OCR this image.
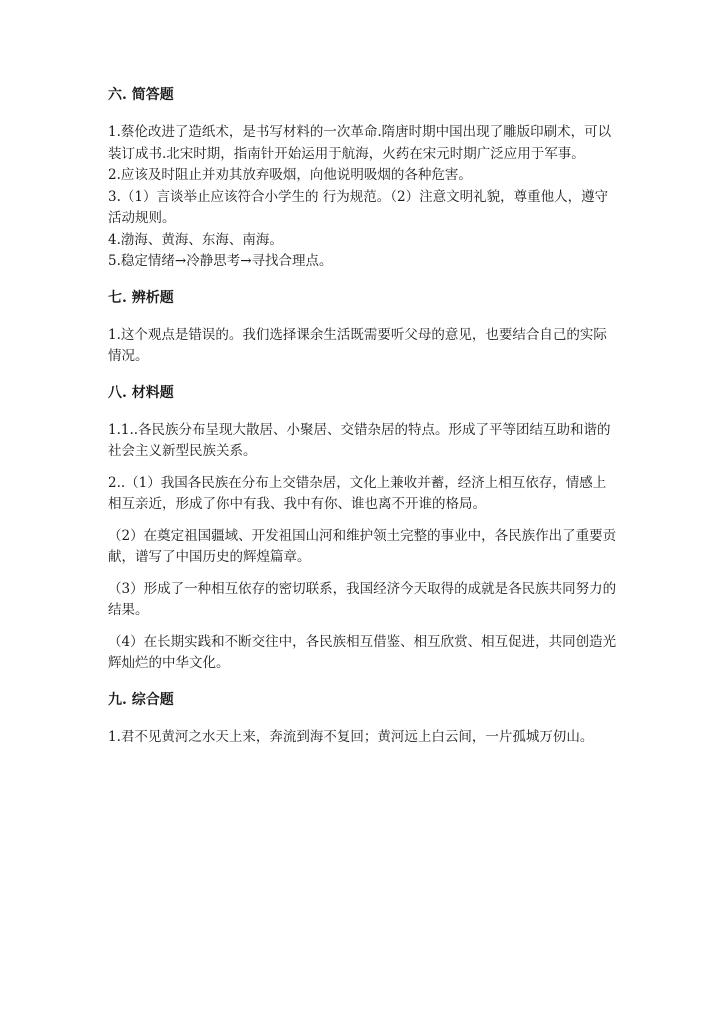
六. 简答题

1.蔡伦改进了造纸术，是书写材料的一次革命.隋唐时期中国出现了雕版印刷术，可以装订成书.北宋时期，指南针开始运用于航海，火药在宋元时期广泛应用于军事。

2.应该及时阻止并劝其放弃吸烟，向他说明吸烟的各种危害。

3.（1）言谈举止应该符合小学生的 行为规范。（2）注意文明礼貌，尊重他人，遵守活动规则。

4.渤海、黄海、东海、南海。

5.稳定情绪→冷静思考→寻找合理点。

七. 辨析题

1.这个观点是错误的。我们选择课余生活既需要听父母的意见，也要结合自己的实际情况。

八. 材料题

1.1..各民族分布呈现大散居、小聚居、交错杂居的特点。形成了平等团结互助和谐的社会主义新型民族关系。

2..（1）我国各民族在分布上交错杂居，文化上兼收并蓄，经济上相互依存，情感上相互亲近，形成了你中有我、我中有你、谁也离不开谁的格局。

（2）在奠定祖国疆域、开发祖国山河和维护领土完整的事业中，各民族作出了重要贡献，谱写了中国历史的辉煌篇章。

（3）形成了一种相互依存的密切联系，我国经济今天取得的成就是各民族共同努力的结果。

（4）在长期实践和不断交往中，各民族相互借鉴、相互欣赏、相互促进，共同创造光辉灿烂的中华文化。

九. 综合题

1.君不见黄河之水天上来，奔流到海不复回；黄河远上白云间，一片孤城万仞山。
